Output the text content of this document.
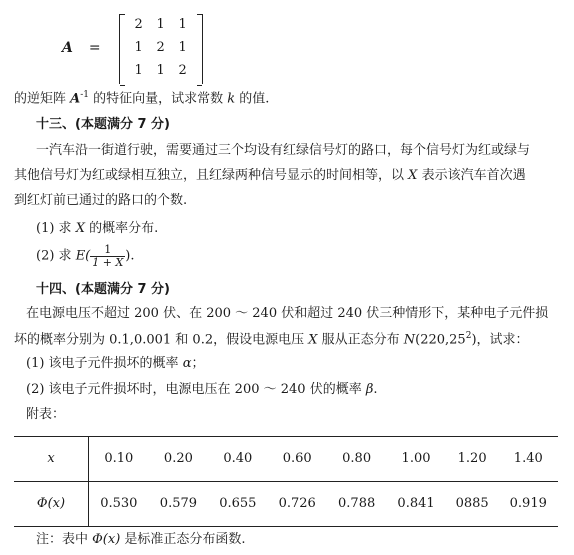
A =
2	1	1
1	2	1
1	1	2
的逆矩阵 $A^{-1}$ 的特征向量，试求常数 k 的值.
十三、(本题满分 7 分)
一汽车沿一街道行驶，需要通过三个均设有红绿信号灯的路口，每个信号灯为红或绿与
其他信号灯为红或绿相互独立，且红绿两种信号显示的时间相等，以 X 表示该汽车首次遇
到红灯前已通过的路口的个数.
(1) 求 X 的概率分布.
(2) 求 $E( \frac{1}{1 + X}$ ).
十四、(本题满分 7 分)
在电源电压不超过 200 伏、在 200 ～ 240 伏和超过 240 伏三种情形下，某种电子元件损
坏的概率分别为 0.1,0.001 和 0.2，假设电源电压 X 服从正态分布 N(220,25$^2$)，试求：
(1) 该电子元件损坏的概率 α；
(2) 该电子元件损坏时，电源电压在 200 ～ 240 伏的概率 β.
附表：
x	0.10	0.20	0.40	0.60	0.80	1.00	1.20	1.40
Φ(x)	0.530	0.579	0.655	0.726	0.788	0.841	0885	0.919
注：表中 Φ(x) 是标准正态分布函数.
